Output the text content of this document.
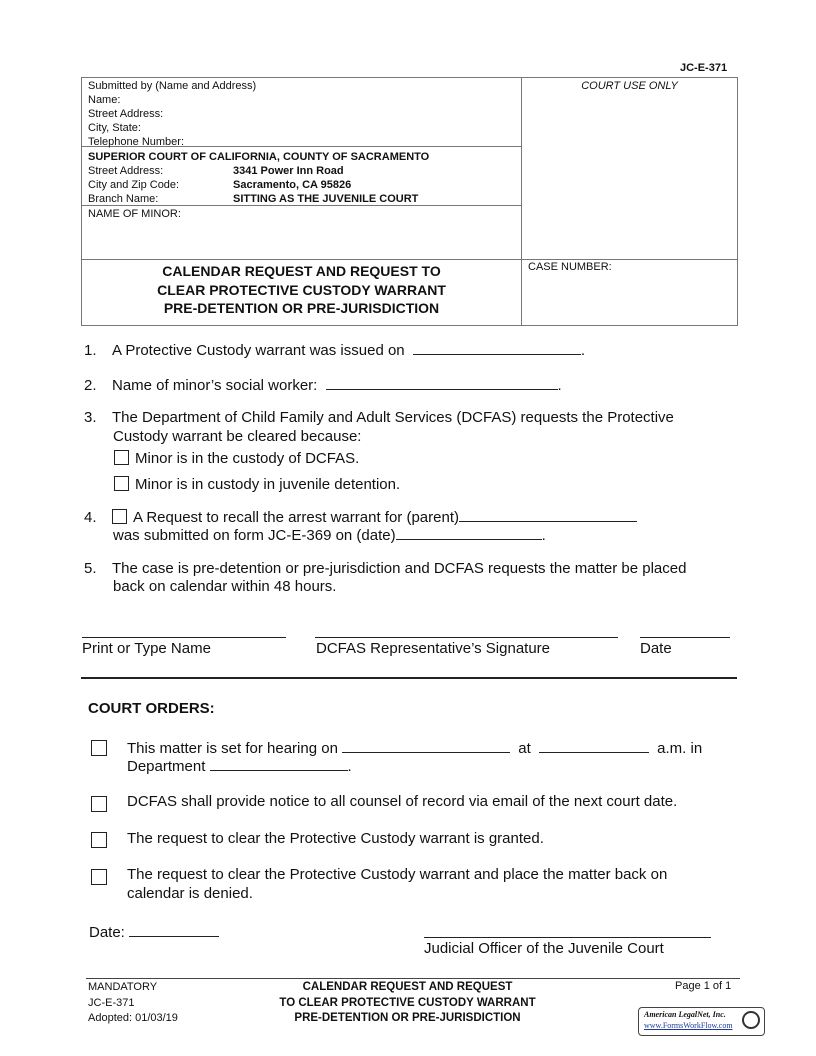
JC-E-371
Submitted by (Name and Address)
Name:
Street Address:
City, State:
Telephone Number:
SUPERIOR COURT OF CALIFORNIA, COUNTY OF SACRAMENTO
Street Address:	3341 Power Inn Road
City and Zip Code:	Sacramento, CA 95826
Branch Name:	SITTING AS THE JUVENILE COURT
NAME OF MINOR:
COURT USE ONLY
CASE NUMBER:
CALENDAR REQUEST AND REQUEST TO
CLEAR PROTECTIVE CUSTODY WARRANT
PRE-DETENTION OR PRE-JURISDICTION
1. A Protective Custody warrant was issued on	.
2. Name of minor’s social worker:	.
3. The Department of Child Family and Adult Services (DCFAS) requests the Protective
Custody warrant be cleared because:
Minor is in the custody of DCFAS.
Minor is in custody in juvenile detention.
4. A Request to recall the arrest warrant for (parent)
was submitted on form JC-E-369 on (date)	.
5. The case is pre-detention or pre-jurisdiction and DCFAS requests the matter be placed
back on calendar within 48 hours.
Print or Type Name	DCFAS Representative’s Signature	Date
COURT ORDERS:
This matter is set for hearing on	at	a.m. in
Department	.
DCFAS shall provide notice to all counsel of record via email of the next court date.
The request to clear the Protective Custody warrant is granted.
The request to clear the Protective Custody warrant and place the matter back on
calendar is denied.
Date:
Judicial Officer of the Juvenile Court
MANDATORY
JC-E-371
Adopted: 01/03/19
CALENDAR REQUEST AND REQUEST
TO CLEAR PROTECTIVE CUSTODY WARRANT
PRE-DETENTION OR PRE-JURISDICTION
Page 1 of 1
American LegalNet, Inc.
www.FormsWorkFlow.com
